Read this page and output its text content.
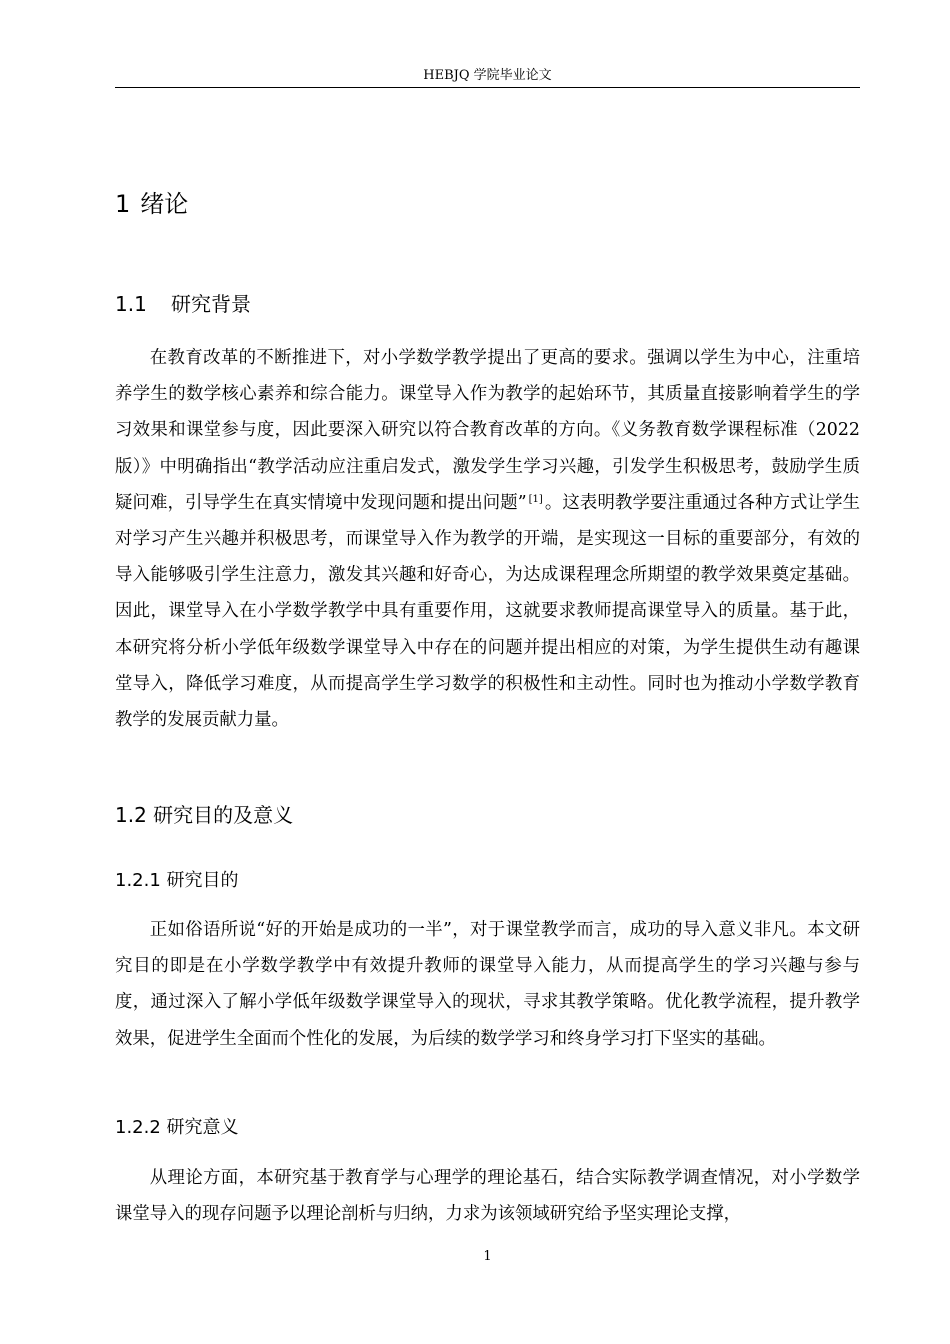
HEBJQ 学院毕业论文
1 绪论
1.1 研究背景

在教育改革的不断推进下，对小学数学教学提出了更高的要求。强调以学生为中心，注重培养学生的数学核心素养和综合能力。课堂导入作为教学的起始环节，其质量直接影响着学生的学习效果和课堂参与度，因此要深入研究以符合教育改革的方向。《义务教育数学课程标准（2022 版）》中明确指出“教学活动应注重启发式，激发学生学习兴趣，引发学生积极思考，鼓励学生质疑问难，引导学生在真实情境中发现问题和提出问题” [1] 。这表明教学要注重通过各种方式让学生对学习产生兴趣并积极思考，而课堂导入作为教学的开端，是实现这一目标的重要部分，有效的导入能够吸引学生注意力，激发其兴趣和好奇心，为达成课程理念所期望的教学效果奠定基础。因此，课堂导入在小学数学教学中具有重要作用，这就要求教师提高课堂导入的质量。基于此，本研究将分析小学低年级数学课堂导入中存在的问题并提出相应的对策，为学生提供生动有趣课堂导入，降低学习难度，从而提高学生学习数学的积极性和主动性。同时也为推动小学数学教育教学的发展贡献力量。

1.2 研究目的及意义
1.2.1 研究目的

正如俗语所说“好的开始是成功的一半”，对于课堂教学而言，成功的导入意义非凡。本文研究目的即是在小学数学教学中有效提升教师的课堂导入能力，从而提高学生的学习兴趣与参与度，通过深入了解小学低年级数学课堂导入的现状，寻求其教学策略。优化教学流程，提升教学效果，促进学生全面而个性化的发展，为后续的数学学习和终身学习打下坚实的基础。

1.2.2 研究意义

从理论方面，本研究基于教育学与心理学的理论基石，结合实际教学调查情况，对小学数学课堂导入的现存问题予以理论剖析与归纳，力求为该领域研究给予坚实理论支撑，

1
